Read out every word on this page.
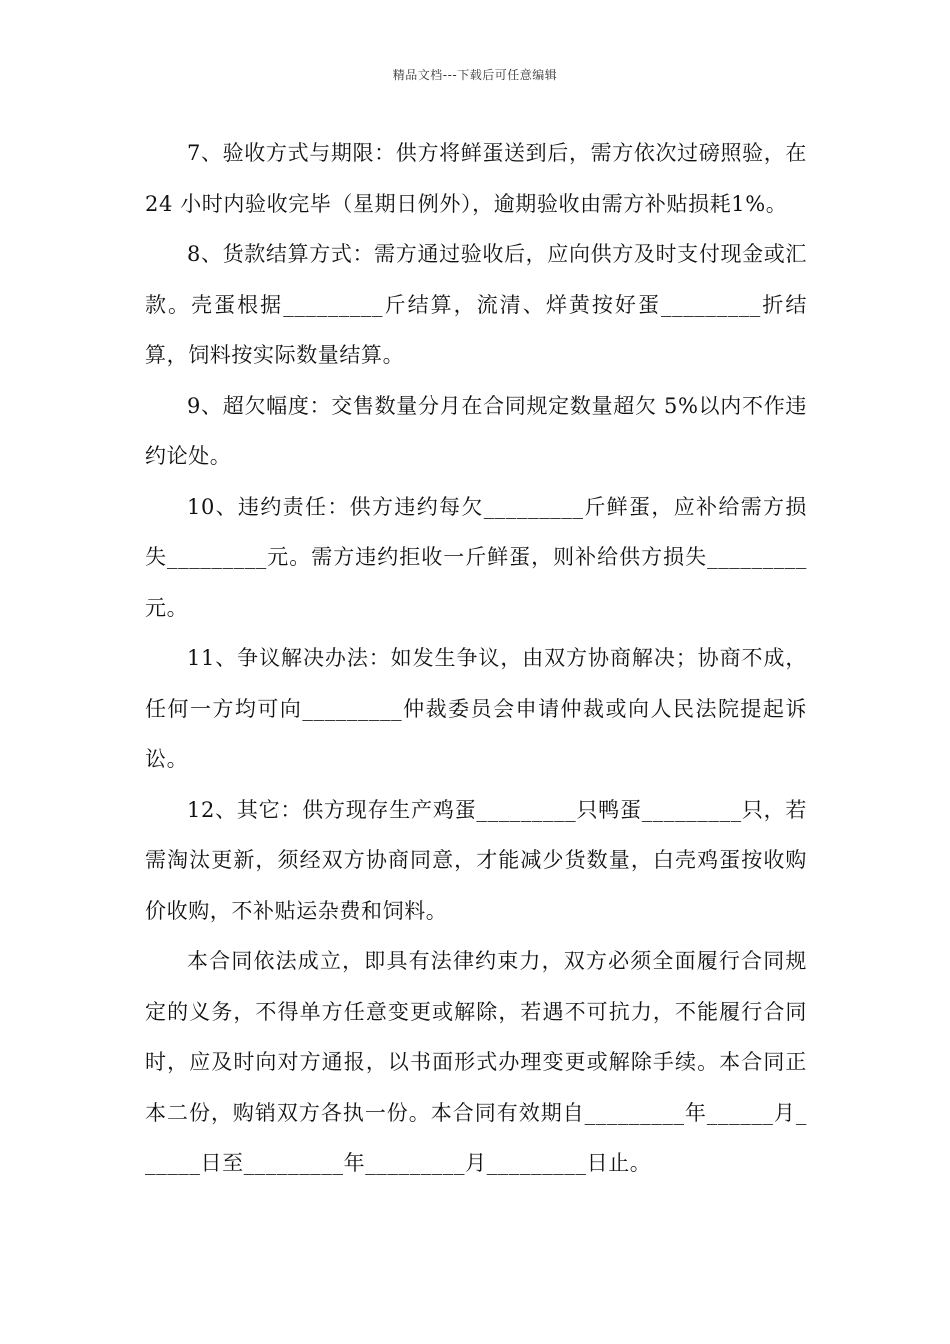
精品文档---下载后可任意编辑

7、验收方式与期限：供方将鲜蛋送到后，需方依次过磅照验，在 24 小时内验收完毕（星期日例外），逾期验收由需方补贴损耗1%。

8、货款结算方式：需方通过验收后，应向供方及时支付现金或汇款。壳蛋根据_________斤结算，流清、烊黄按好蛋_________折结算，饲料按实际数量结算。

9、超欠幅度：交售数量分月在合同规定数量超欠 5%以内不作违约论处。

10、违约责任：供方违约每欠_________斤鲜蛋，应补给需方损失_________元。需方违约拒收一斤鲜蛋，则补给供方损失_________元。

11、争议解决办法：如发生争议，由双方协商解决；协商不成，任何一方均可向_________仲裁委员会申请仲裁或向人民法院提起诉讼。

12、其它：供方现存生产鸡蛋_________只鸭蛋_________只，若需淘汰更新，须经双方协商同意，才能减少货数量，白壳鸡蛋按收购价收购，不补贴运杂费和饲料。

本合同依法成立，即具有法律约束力，双方必须全面履行合同规定的义务，不得单方任意变更或解除，若遇不可抗力，不能履行合同时，应及时向对方通报，以书面形式办理变更或解除手续。本合同正本二份，购销双方各执一份。本合同有效期自_________年______月______日至_________年_________月_________日止。
